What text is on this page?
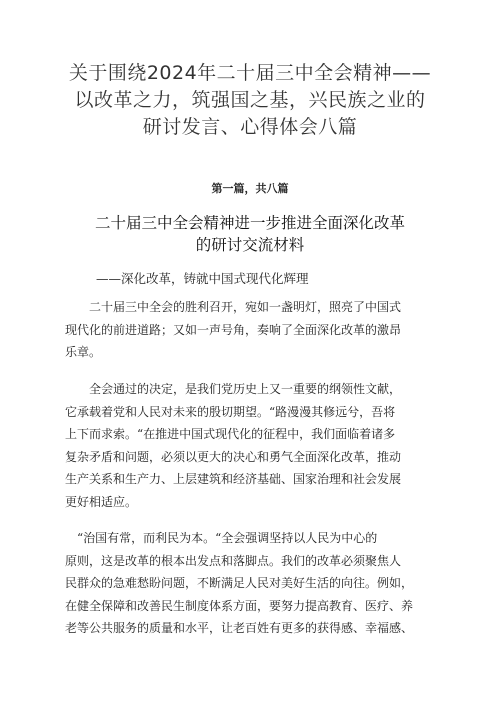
关于围绕2024年二十届三中全会精神——
以改革之力，筑强国之基，兴民族之业的
研讨发言、心得体会八篇
第一篇，共八篇
二十届三中全会精神进一步推进全面深化改革
的研讨交流材料
——深化改革，铸就中国式现代化辉理
　　二十届三中全会的胜利召开，宛如一盏明灯，照亮了中国式
现代化的前进道路；又如一声号角，奏响了全面深化改革的激昂
乐章。
　　全会通过的决定，是我们党历史上又一重要的纲领性文献，
它承载着党和人民对未来的殷切期望。“路漫漫其修远兮，吾将
上下而求索。“在推进中国式现代化的征程中，我们面临着诸多
复杂矛盾和问题，必须以更大的决心和勇气全面深化改革，推动
生产关系和生产力、上层建筑和经济基础、国家治理和社会发展
更好相适应。
　“治国有常，而利民为本。“全会强调坚持以人民为中心的
原则，这是改革的根本出发点和落脚点。我们的改革必须聚焦人
民群众的急难愁盼问题，不断满足人民对美好生活的向往。例如，
在健全保障和改善民生制度体系方面，要努力提高教育、医疗、养
老等公共服务的质量和水平，让老百姓有更多的获得感、幸福感、
